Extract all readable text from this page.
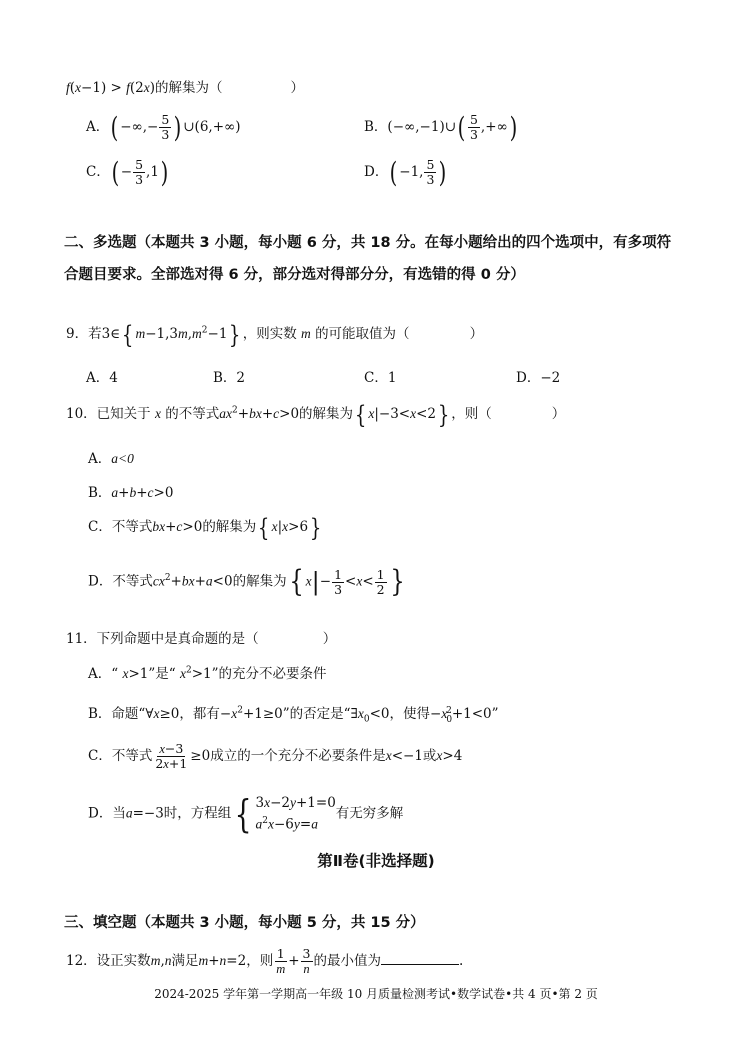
f(x−1) > f(2x)的解集为（	）
A．( −∞,− $\frac{5}{3}$ ) ∪(6,+∞)	B．(−∞,−1)∪( $\frac{5}{3}$ ,+∞)
C．( − $\frac{5}{3} ,1$)	D．( −1, $\frac{5}{3}$ )
二、多选题（本题共 3 小题，每小题 6 分，共 18 分。在每小题给出的四个选项中，有多项符
合题目要求。全部选对得 6 分，部分选对得部分分，有选错的得 0 分）
9．若3∈{ $m-1,3m,m^2-1$} ，则实数 m 的可能取值为（	）
A．4	B．2	C．1	D．−2
10．已知关于 x 的不等式$ax^2+bx+c>0$的解集为{ x|−3<x<2} ，则（	）
A．a<0
B．a+b+c>0
C．不等式bx+c>0的解集为{ x|x>6}
D．不等式$cx^2+bx+a<0$的解集为{ $x|- \frac{1}{3} <x< \frac{1}{2}$ }
11．下列命题中是真命题的是（	）
A．“ x>1”是“ $x^2>1$”的充分不必要条件
B．命题“∀x≥0，都有$-x^2+1\ge 0$”的否定是“$\exists x_0<0$，使得$-x_0^2+1<0$”
C．不等式 $\frac{x-3}{2x+1} \ge 0$成立的一个充分不必要条件是x<−1或x>4
D．当a=−3时，方程组 { 3x−2y+1=0
$a^2x-6y=a$
有无穷多解
第Ⅱ卷(非选择题)
三、填空题（本题共 3 小题，每小题 5 分，共 15 分）
12．设正实数m,n满足m+n=2，则 $\frac{1}{m} + \frac{3}{n}$ 的最小值为	.
2024-2025 学年第一学期高一年级 10 月质量检测考试•数学试卷•共 4 页•第 2 页
